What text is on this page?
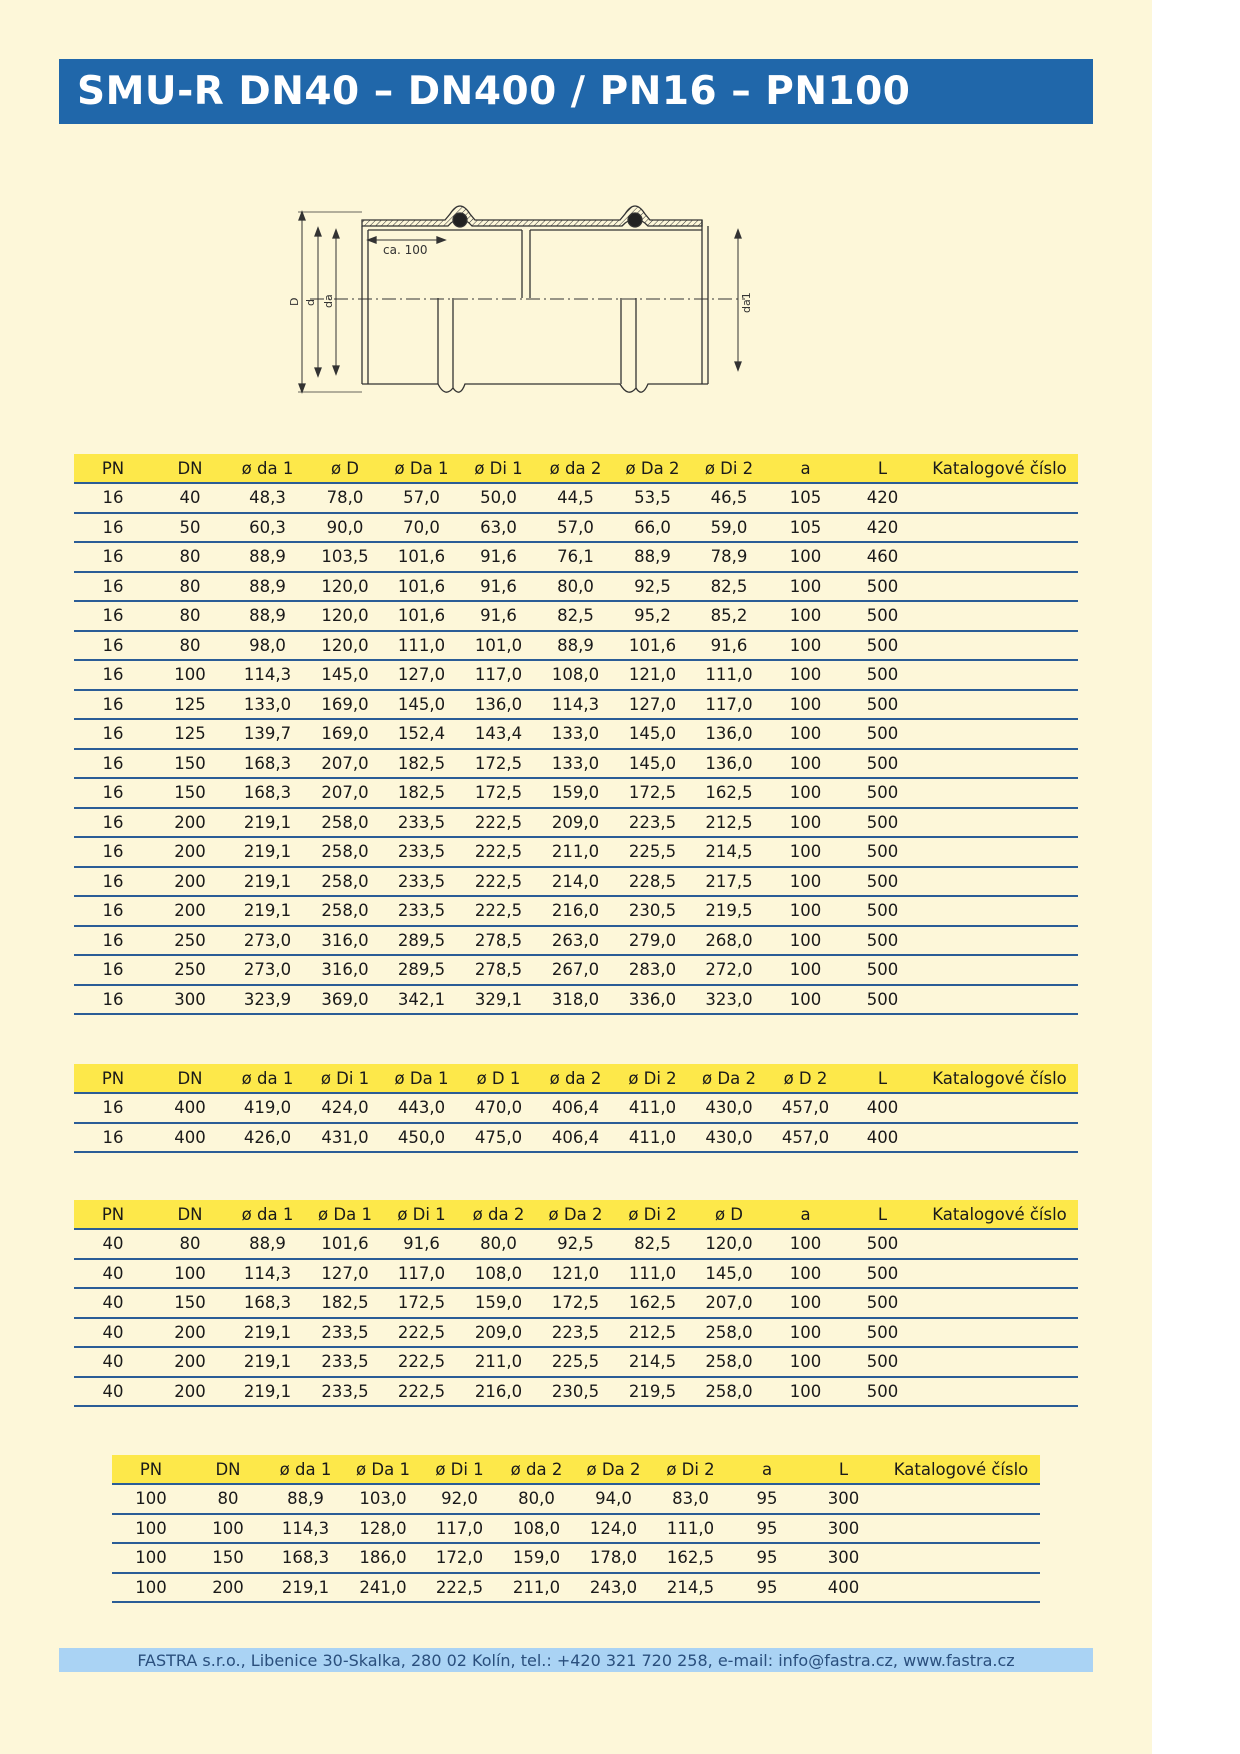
SMU-R DN40 – DN400 / PN16 – PN100
D d da	da1
ca. 100
PN	DN	ø da 1	ø D	ø Da 1	ø Di 1	ø da 2	ø Da 2	ø Di 2	a	L	Katalogové číslo
16	40	48,3	78,0	57,0	50,0	44,5	53,5	46,5	105	420	
16	50	60,3	90,0	70,0	63,0	57,0	66,0	59,0	105	420	
16	80	88,9	103,5	101,6	91,6	76,1	88,9	78,9	100	460	
16	80	88,9	120,0	101,6	91,6	80,0	92,5	82,5	100	500	
16	80	88,9	120,0	101,6	91,6	82,5	95,2	85,2	100	500	
16	80	98,0	120,0	111,0	101,0	88,9	101,6	91,6	100	500	
16	100	114,3	145,0	127,0	117,0	108,0	121,0	111,0	100	500	
16	125	133,0	169,0	145,0	136,0	114,3	127,0	117,0	100	500	
16	125	139,7	169,0	152,4	143,4	133,0	145,0	136,0	100	500	
16	150	168,3	207,0	182,5	172,5	133,0	145,0	136,0	100	500	
16	150	168,3	207,0	182,5	172,5	159,0	172,5	162,5	100	500	
16	200	219,1	258,0	233,5	222,5	209,0	223,5	212,5	100	500	
16	200	219,1	258,0	233,5	222,5	211,0	225,5	214,5	100	500	
16	200	219,1	258,0	233,5	222,5	214,0	228,5	217,5	100	500	
16	200	219,1	258,0	233,5	222,5	216,0	230,5	219,5	100	500	
16	250	273,0	316,0	289,5	278,5	263,0	279,0	268,0	100	500	
16	250	273,0	316,0	289,5	278,5	267,0	283,0	272,0	100	500	
16	300	323,9	369,0	342,1	329,1	318,0	336,0	323,0	100	500	
PN	DN	ø da 1	ø Di 1	ø Da 1	ø D 1	ø da 2	ø Di 2	ø Da 2	ø D 2	L	Katalogové číslo
16	400	419,0	424,0	443,0	470,0	406,4	411,0	430,0	457,0	400	
16	400	426,0	431,0	450,0	475,0	406,4	411,0	430,0	457,0	400	
PN	DN	ø da 1	ø Da 1	ø Di 1	ø da 2	ø Da 2	ø Di 2	ø D	a	L	Katalogové číslo
40	80	88,9	101,6	91,6	80,0	92,5	82,5	120,0	100	500	
40	100	114,3	127,0	117,0	108,0	121,0	111,0	145,0	100	500	
40	150	168,3	182,5	172,5	159,0	172,5	162,5	207,0	100	500	
40	200	219,1	233,5	222,5	209,0	223,5	212,5	258,0	100	500	
40	200	219,1	233,5	222,5	211,0	225,5	214,5	258,0	100	500	
40	200	219,1	233,5	222,5	216,0	230,5	219,5	258,0	100	500	
PN	DN	ø da 1	ø Da 1	ø Di 1	ø da 2	ø Da 2	ø Di 2	a	L	Katalogové číslo
100	80	88,9	103,0	92,0	80,0	94,0	83,0	95	300	
100	100	114,3	128,0	117,0	108,0	124,0	111,0	95	300	
100	150	168,3	186,0	172,0	159,0	178,0	162,5	95	300	
100	200	219,1	241,0	222,5	211,0	243,0	214,5	95	400	
FASTRA s.r.o., Libenice 30-Skalka, 280 02 Kolín, tel.: +420 321 720 258, e-mail: info@fastra.cz, www.fastra.cz
